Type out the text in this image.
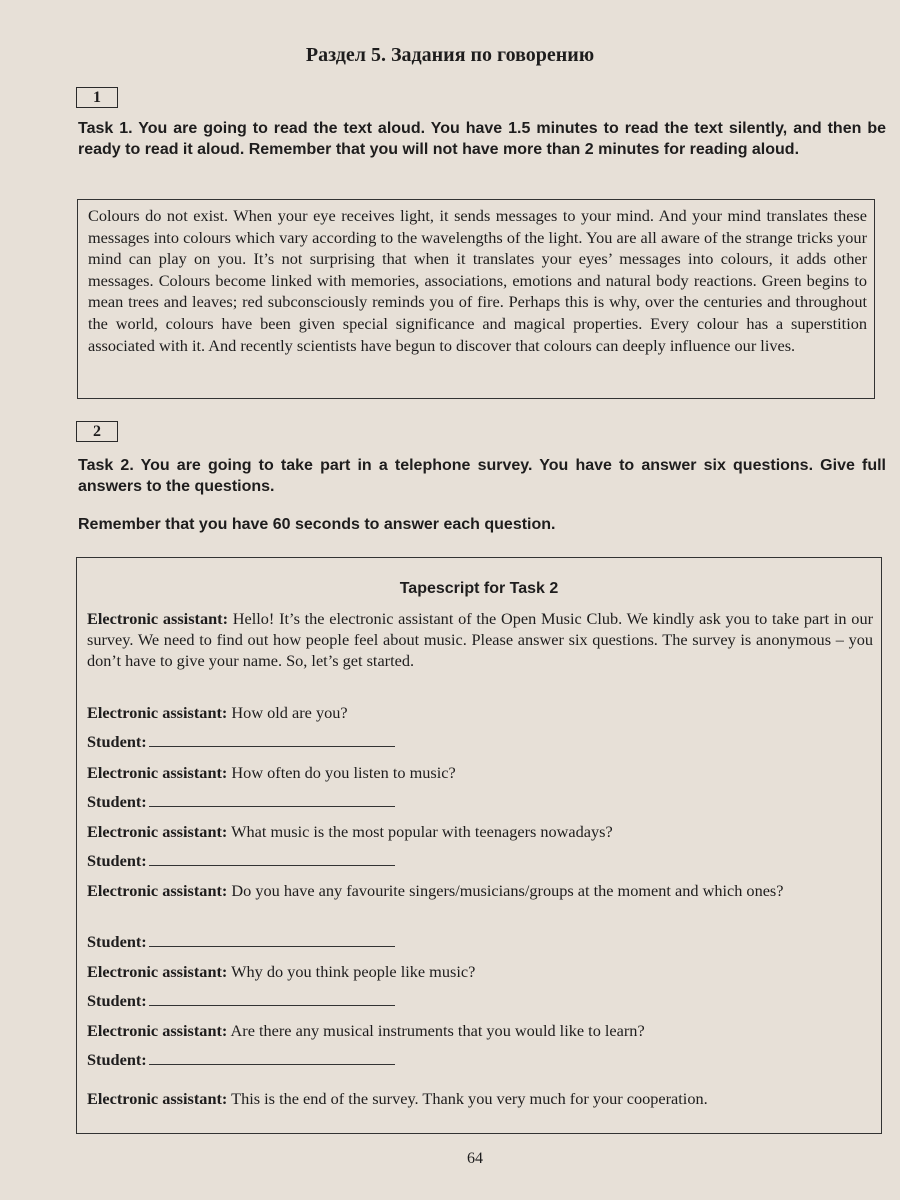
Раздел 5. Задания по говорению
1
Task 1. You are going to read the text aloud. You have 1.5 minutes to read the text silently, and then be ready to read it aloud. Remember that you will not have more than 2 minutes for reading aloud.
Colours do not exist. When your eye receives light, it sends messages to your mind. And your mind translates these messages into colours which vary according to the wavelengths of the light. You are all aware of the strange tricks your mind can play on you. It’s not surprising that when it translates your eyes’ messages into colours, it adds other messages. Colours become linked with memories, associations, emotions and natural body reactions. Green begins to mean trees and leaves; red subconsciously reminds you of fire. Perhaps this is why, over the centuries and throughout the world, colours have been given special significance and magical properties. Every colour has a superstition associated with it. And recently scientists have begun to discover that colours can deeply influence our lives.
2
Task 2. You are going to take part in a telephone survey. You have to answer six questions. Give full answers to the questions.
Remember that you have 60 seconds to answer each question.
Tapescript for Task 2
Electronic assistant: Hello! It’s the electronic assistant of the Open Music Club. We kindly ask you to take part in our survey. We need to find out how people feel about music. Please answer six questions. The survey is anonymous – you don’t have to give your name. So, let’s get started.
Electronic assistant: How old are you?
Student:
Electronic assistant: How often do you listen to music?
Student:
Electronic assistant: What music is the most popular with teenagers nowadays?
Student:
Electronic assistant: Do you have any favourite singers/musicians/groups at the moment and which ones?
Student:
Electronic assistant: Why do you think people like music?
Student:
Electronic assistant: Are there any musical instruments that you would like to learn?
Student:
Electronic assistant: This is the end of the survey. Thank you very much for your cooperation.
64
